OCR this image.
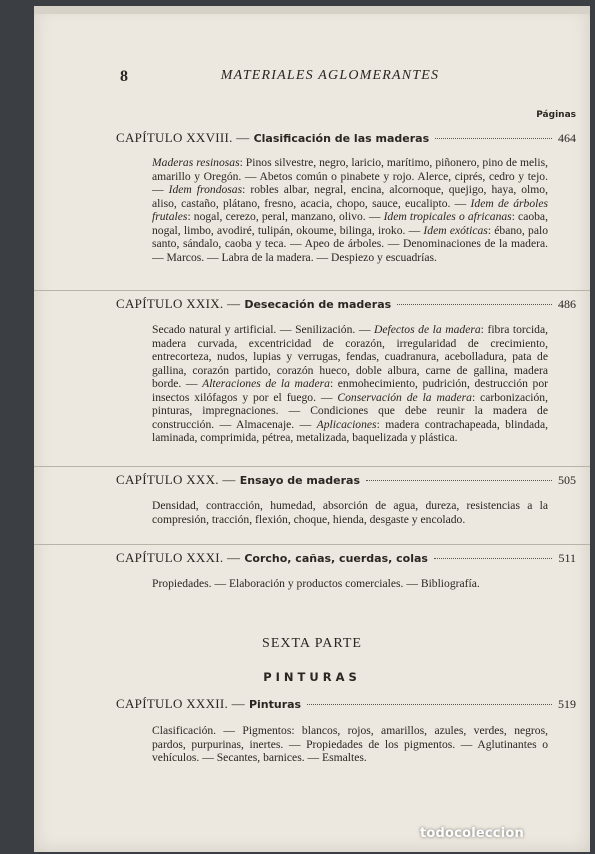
8	MATERIALES AGLOMERANTES
Páginas
CAPÍTULO XXVIII. — Clasificación de las maderas	464

Maderas resinosas: Pinos silvestre, negro, laricio, marítimo, piñonero, pino de melis, amarillo y Oregón. — Abetos común o pinabete y rojo. Alerce, ciprés, cedro y tejo. — Idem frondosas: robles albar, negral, encina, alcornoque, quejigo, haya, olmo, aliso, castaño, plátano, fresno, acacia, chopo, sauce, eucalipto. — Idem de árboles frutales: nogal, cerezo, peral, manzano, olivo. — Idem tropicales o africanas: caoba, nogal, limbo, avodiré, tulipán, okoume, bilinga, iroko. — Idem exóticas: ébano, palo santo, sándalo, caoba y teca. — Apeo de árboles. — Denominaciones de la madera. — Marcos. — Labra de la madera. — Despiezo y escuadrías.

CAPÍTULO XXIX. — Desecación de maderas	486

Secado natural y artificial. — Senilización. — Defectos de la madera: fibra torcida, madera curvada, excentricidad de corazón, irregularidad de crecimiento, entrecorteza, nudos, lupias y verrugas, fendas, cuadranura, acebolladura, pata de gallina, corazón partido, corazón hueco, doble albura, carne de gallina, madera borde. — Alteraciones de la madera: enmohecimiento, pudrición, destrucción por insectos xilófagos y por el fuego. — Conservación de la madera: carbonización, pinturas, impregnaciones. — Condiciones que debe reunir la madera de construcción. — Almacenaje. — Aplicaciones: madera contrachapeada, blindada, laminada, comprimida, pétrea, metalizada, baquelizada y plástica.

CAPÍTULO XXX. — Ensayo de maderas	505

Densidad, contracción, humedad, absorción de agua, dureza, resistencias a la compresión, tracción, flexión, choque, hienda, desgaste y encolado.

CAPÍTULO XXXI. — Corcho, cañas, cuerdas, colas	511

Propiedades. — Elaboración y productos comerciales. — Bibliografía.

SEXTA PARTE
PINTURAS
CAPÍTULO XXXII. — Pinturas	519

Clasificación. — Pigmentos: blancos, rojos, amarillos, azules, verdes, negros, pardos, purpurinas, inertes. — Propiedades de los pigmentos. — Aglutinantes o vehículos. — Secantes, barnices. — Esmaltes.

todocoleccion
